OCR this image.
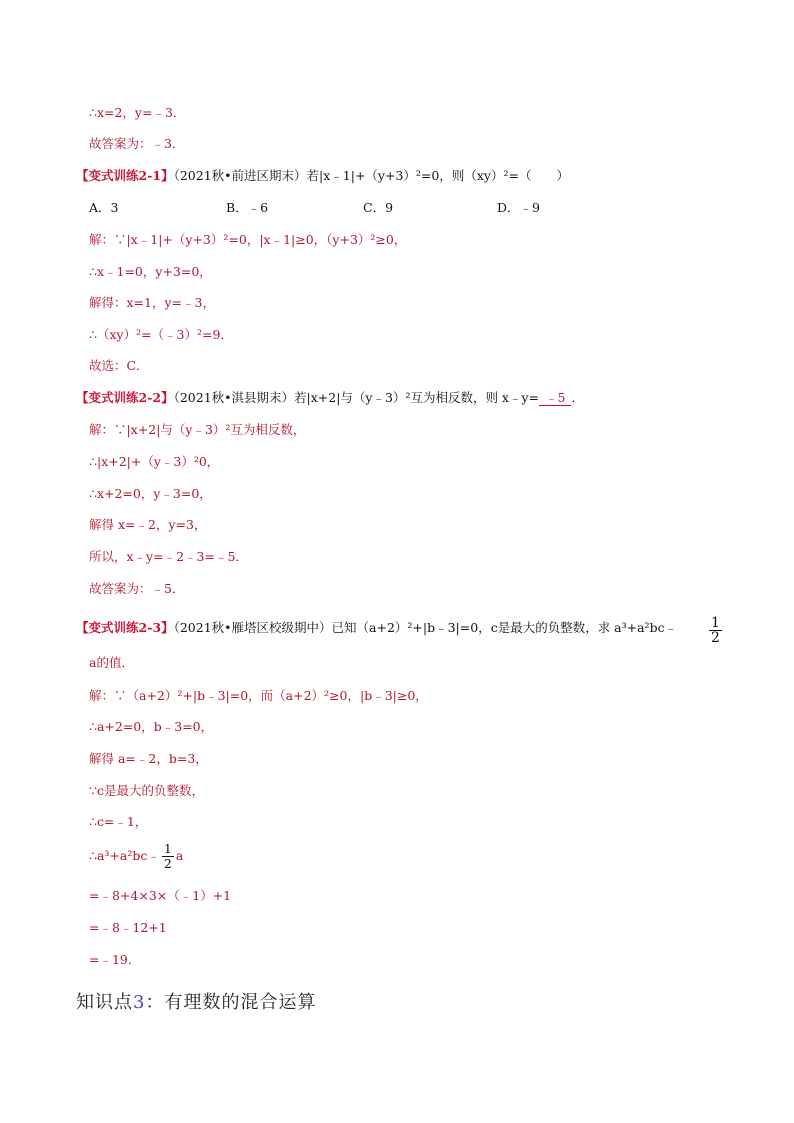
∴x=2，y=﹣3．
故答案为：﹣3．
【变式训练2-1】（2021秋•前进区期末）若|x﹣1|+（y+3）²=0，则（xy）²=（　　）
A．3	B．﹣6	C．9	D．﹣9
解：∵|x﹣1|+（y+3）²=0，|x﹣1|≥0，（y+3）²≥0，
∴x﹣1=0，y+3=0，
解得：x=1，y=﹣3，
∴（xy）²=（﹣3）²=9．
故选：C．
【变式训练2-2】（2021秋•淇县期末）若|x+2|与（y﹣3）²互为相反数，则 x﹣y= ﹣5 ．
解：∵|x+2|与（y﹣3）²互为相反数，
∴|x+2|+（y﹣3）²0，
∴x+2=0，y﹣3=0，
解得 x=﹣2，y=3，
所以，x﹣y=﹣2﹣3=﹣5．
故答案为：﹣5．
【变式训练2-3】（2021秋•雁塔区校级期中）已知（a+2）²+|b﹣3|=0，c是最大的负整数，求 a³+a²bc﹣ $\frac{1}{2}$
a的值．
解：∵（a+2）²+|b﹣3|=0，而（a+2）²≥0，|b﹣3|≥0，
∴a+2=0，b﹣3=0，
解得 a=﹣2，b=3，
∵c是最大的负整数，
∴c=﹣1，
∴a³+a²bc﹣ $\frac{1}{2}$ a
=﹣8+4×3×（﹣1）+1
=﹣8﹣12+1
=﹣19．
知识点3：有理数的混合运算
